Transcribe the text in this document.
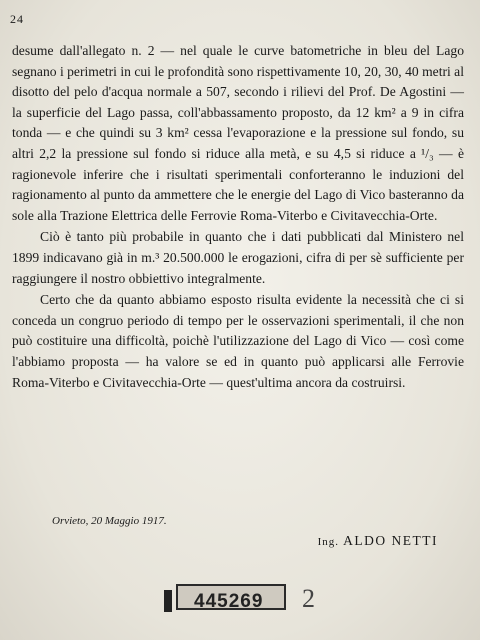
24

desume dall'allegato n. 2 — nel quale le curve batometriche in bleu del Lago segnano i perimetri in cui le profondità sono rispettivamente 10, 20, 30, 40 metri al disotto del pelo d'acqua normale a 507, secondo i rilievi del Prof. De Agostini — la superficie del Lago passa, coll'abbassamento proposto, da 12 km² a 9 in cifra tonda — e che quindi su 3 km² cessa l'evaporazione e la pressione sul fondo, su altri 2,2 la pressione sul fondo si riduce alla metà, e su 4,5 si riduce a ¹/₃ — è ragionevole inferire che i risultati sperimentali conforteranno le induzioni del ragionamento al punto da ammettere che le energie del Lago di Vico basteranno da sole alla Trazione Elettrica delle Ferrovie Roma-Viterbo e Civitavecchia-Orte.

Ciò è tanto più probabile in quanto che i dati pubblicati dal Ministero nel 1899 indicavano già in m.³ 20.500.000 le erogazioni, cifra di per sè sufficiente per raggiungere il nostro obbiettivo integralmente.

Certo che da quanto abbiamo esposto risulta evidente la necessità che ci si conceda un congruo periodo di tempo per le osservazioni sperimentali, il che non può costituire una difficoltà, poichè l'utilizzazione del Lago di Vico — così come l'abbiamo proposta — ha valore se ed in quanto può applicarsi alle Ferrovie Roma-Viterbo e Civitavecchia-Orte — quest'ultima ancora da costruirsi.

Orvieto, 20 Maggio 1917.
Ing. ALDO NETTI
445269 2
